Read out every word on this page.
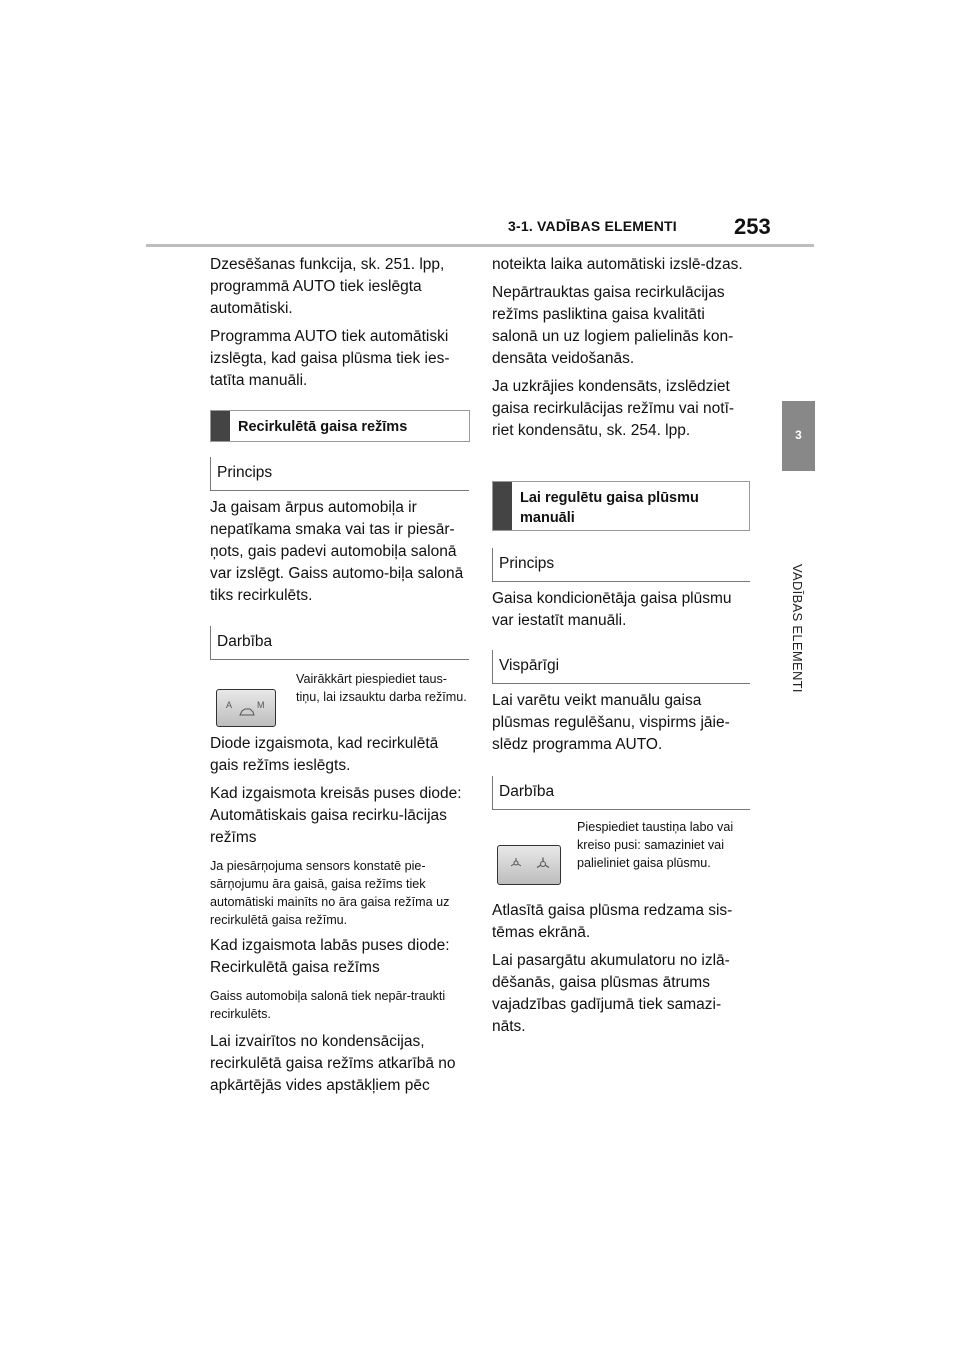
3-1. VADĪBAS ELEMENTI	253
3
VADĪBAS ELEMENTI

Dzesēšanas funkcija, sk. 251. lpp, programmā AUTO tiek ieslēgta automātiski.

Programma AUTO tiek automātiski izslēgta, kad gaisa plūsma tiek ies-tatīta manuāli.

Recirkulētā gaisa režīms
Princips

Ja gaisam ārpus automobiļa ir nepatīkama smaka vai tas ir piesār-ņots, gais padevi automobiļa salonā var izslēgt. Gaiss automo-biļa salonā tiks recirkulēts.

Darbība
A	M

Vairākkārt piespiediet taus-tiņu, lai izsauktu darba režīmu.

Diode izgaismota, kad recirkulētā gais režīms ieslēgts.

Kad izgaismota kreisās puses diode: Automātiskais gaisa recirku-lācijas režīms

Ja piesārņojuma sensors konstatē pie-sārņojumu āra gaisā, gaisa režīms tiek automātiski mainīts no āra gaisa režīma uz recirkulētā gaisa režīmu.

Kad izgaismota labās puses diode: Recirkulētā gaisa režīms

Gaiss automobiļa salonā tiek nepār-traukti recirkulēts.

Lai izvairītos no kondensācijas, recirkulētā gaisa režīms atkarībā no apkārtējās vides apstākļiem pēc

noteikta laika automātiski izslē-dzas.

Nepārtrauktas gaisa recirkulācijas režīms pasliktina gaisa kvalitāti salonā un uz logiem palielinās kon-densāta veidošanās.

Ja uzkrājies kondensāts, izslēdziet gaisa recirkulācijas režīmu vai notī-riet kondensātu, sk. 254. lpp.

Lai regulētu gaisa plūsmu manuāli
Princips

Gaisa kondicionētāja gaisa plūsmu var iestatīt manuāli.

Vispārīgi

Lai varētu veikt manuālu gaisa plūsmas regulēšanu, vispirms jāie-slēdz programma AUTO.

Darbība

Piespiediet taustiņa labo vai kreiso pusi: samaziniet vai palieliniet gaisa plūsmu.

Atlasītā gaisa plūsma redzama sis-tēmas ekrānā.

Lai pasargātu akumulatoru no izlā-dēšanās, gaisa plūsmas ātrums vajadzības gadījumā tiek samazi-nāts.
